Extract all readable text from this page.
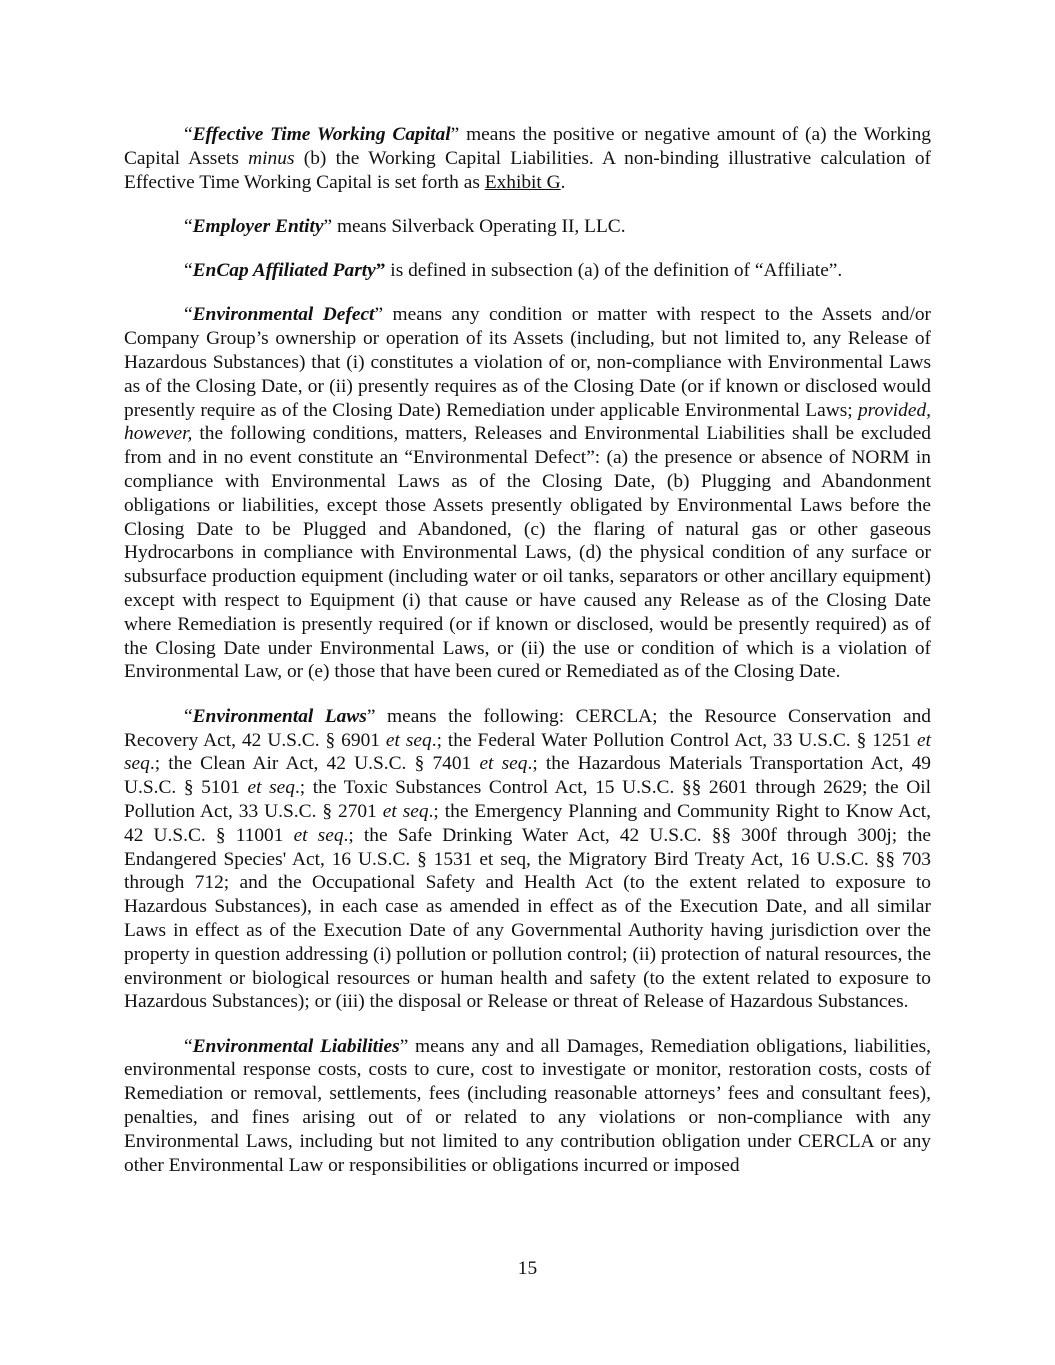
“Effective Time Working Capital” means the positive or negative amount of (a) the Working Capital Assets minus (b) the Working Capital Liabilities. A non-binding illustrative calculation of Effective Time Working Capital is set forth as Exhibit G.

“Employer Entity” means Silverback Operating II, LLC.

“EnCap Affiliated Party” is defined in subsection (a) of the definition of “Affiliate”.

“Environmental Defect” means any condition or matter with respect to the Assets and/or Company Group’s ownership or operation of its Assets (including, but not limited to, any Release of Hazardous Substances) that (i) constitutes a violation of or, non-compliance with Environmental Laws as of the Closing Date, or (ii) presently requires as of the Closing Date (or if known or disclosed would presently require as of the Closing Date) Remediation under applicable Environmental Laws; provided, however, the following conditions, matters, Releases and Environmental Liabilities shall be excluded from and in no event constitute an “Environmental Defect”: (a) the presence or absence of NORM in compliance with Environmental Laws as of the Closing Date, (b) Plugging and Abandonment obligations or liabilities, except those Assets presently obligated by Environmental Laws before the Closing Date to be Plugged and Abandoned, (c) the flaring of natural gas or other gaseous Hydrocarbons in compliance with Environmental Laws, (d) the physical condition of any surface or subsurface production equipment (including water or oil tanks, separators or other ancillary equipment) except with respect to Equipment (i) that cause or have caused any Release as of the Closing Date where Remediation is presently required (or if known or disclosed, would be presently required) as of the Closing Date under Environmental Laws, or (ii) the use or condition of which is a violation of Environmental Law, or (e) those that have been cured or Remediated as of the Closing Date.

“Environmental Laws” means the following: CERCLA; the Resource Conservation and Recovery Act, 42 U.S.C. § 6901 et seq.; the Federal Water Pollution Control Act, 33 U.S.C. § 1251 et seq.; the Clean Air Act, 42 U.S.C. § 7401 et seq.; the Hazardous Materials Transportation Act, 49 U.S.C. § 5101 et seq.; the Toxic Substances Control Act, 15 U.S.C. §§ 2601 through 2629; the Oil Pollution Act, 33 U.S.C. § 2701 et seq.; the Emergency Planning and Community Right to Know Act, 42 U.S.C. § 11001 et seq.; the Safe Drinking Water Act, 42 U.S.C. §§ 300f through 300j; the Endangered Species' Act, 16 U.S.C. § 1531 et seq, the Migratory Bird Treaty Act, 16 U.S.C. §§ 703 through 712; and the Occupational Safety and Health Act (to the extent related to exposure to Hazardous Substances), in each case as amended in effect as of the Execution Date, and all similar Laws in effect as of the Execution Date of any Governmental Authority having jurisdiction over the property in question addressing (i) pollution or pollution control; (ii) protection of natural resources, the environment or biological resources or human health and safety (to the extent related to exposure to Hazardous Substances); or (iii) the disposal or Release or threat of Release of Hazardous Substances.

“Environmental Liabilities” means any and all Damages, Remediation obligations, liabilities, environmental response costs, costs to cure, cost to investigate or monitor, restoration costs, costs of Remediation or removal, settlements, fees (including reasonable attorneys’ fees and consultant fees), penalties, and fines arising out of or related to any violations or non-compliance with any Environmental Laws, including but not limited to any contribution obligation under CERCLA or any other Environmental Law or responsibilities or obligations incurred or imposed

15
